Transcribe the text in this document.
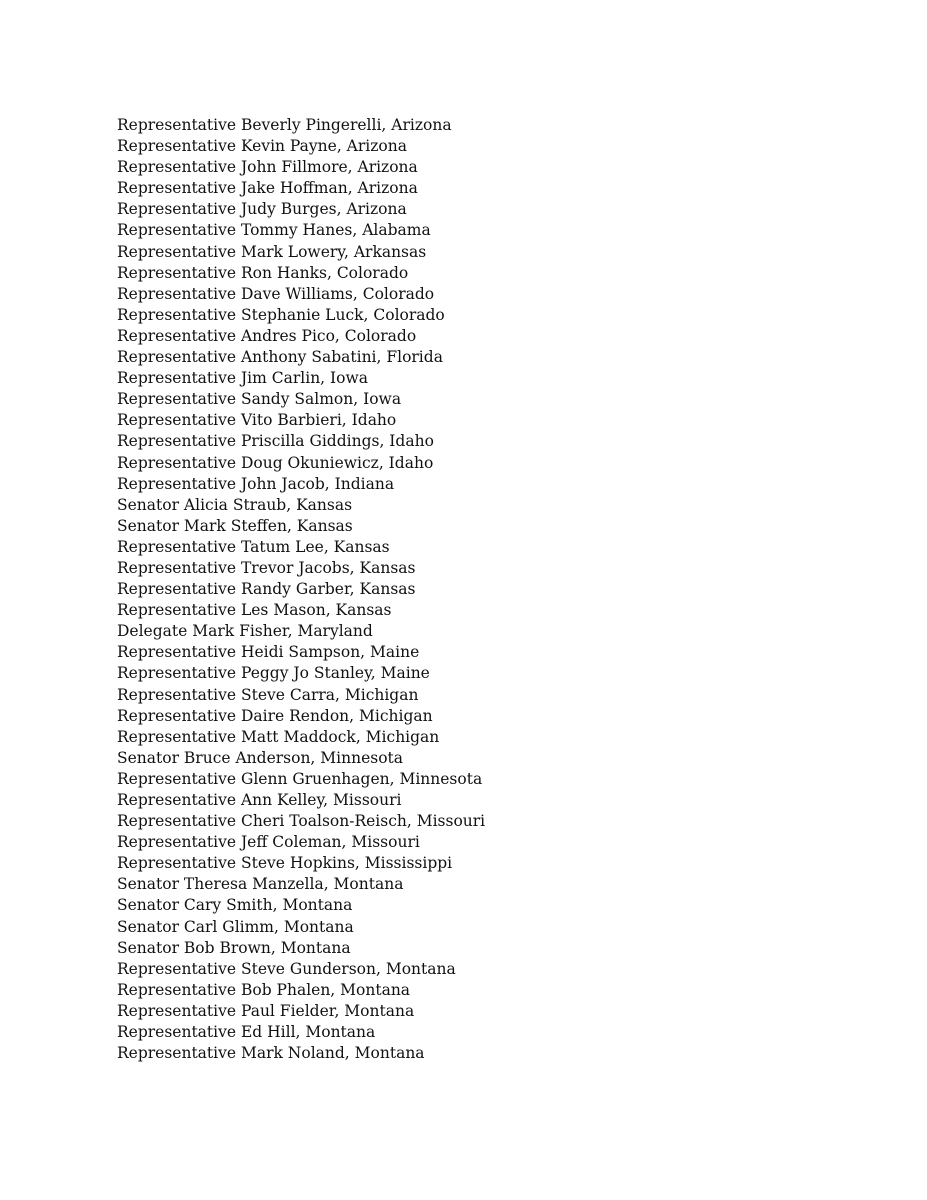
Representative Beverly Pingerelli, Arizona
Representative Kevin Payne, Arizona
Representative John Fillmore, Arizona
Representative Jake Hoffman, Arizona
Representative Judy Burges, Arizona
Representative Tommy Hanes, Alabama
Representative Mark Lowery, Arkansas
Representative Ron Hanks, Colorado
Representative Dave Williams, Colorado
Representative Stephanie Luck, Colorado
Representative Andres Pico, Colorado
Representative Anthony Sabatini, Florida
Representative Jim Carlin, Iowa
Representative Sandy Salmon, Iowa
Representative Vito Barbieri, Idaho
Representative Priscilla Giddings, Idaho
Representative Doug Okuniewicz, Idaho
Representative John Jacob, Indiana
Senator Alicia Straub, Kansas
Senator Mark Steffen, Kansas
Representative Tatum Lee, Kansas
Representative Trevor Jacobs, Kansas
Representative Randy Garber, Kansas
Representative Les Mason, Kansas
Delegate Mark Fisher, Maryland
Representative Heidi Sampson, Maine
Representative Peggy Jo Stanley, Maine
Representative Steve Carra, Michigan
Representative Daire Rendon, Michigan
Representative Matt Maddock, Michigan
Senator Bruce Anderson, Minnesota
Representative Glenn Gruenhagen, Minnesota
Representative Ann Kelley, Missouri
Representative Cheri Toalson-Reisch, Missouri
Representative Jeff Coleman, Missouri
Representative Steve Hopkins, Mississippi
Senator Theresa Manzella, Montana
Senator Cary Smith, Montana
Senator Carl Glimm, Montana
Senator Bob Brown, Montana
Representative Steve Gunderson, Montana
Representative Bob Phalen, Montana
Representative Paul Fielder, Montana
Representative Ed Hill, Montana
Representative Mark Noland, Montana
